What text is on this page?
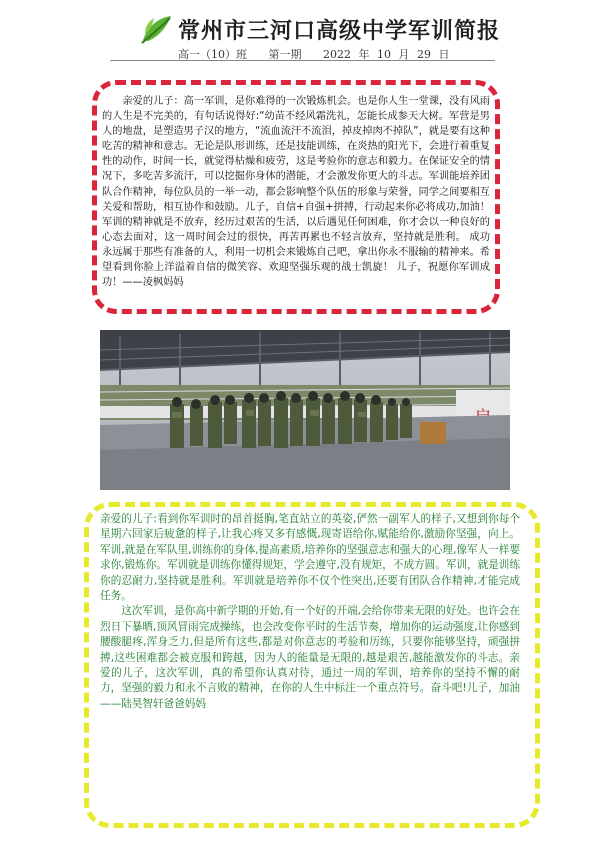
常州市三河口高级中学军训简报
高一（10）班 第一期 2022 年 10 月 29 日
亲爱的儿子：高一军训，是你难得的一次锻炼机会。也是你人生一堂课，没有风雨的人生是不完美的，有句话说得好:“幼苗不经风霜洗礼，怎能长成参天大树。军营是男人的地盘，是塑造男子汉的地方，“流血流汗不流泪，掉皮掉肉不掉队”，就是要有这种吃苦的精神和意志。无论是队形训练，还是技能训练，在炎热的阳光下，会进行着重复性的动作，时间一长，就觉得枯燥和疲劳，这是考验你的意志和毅力。在保证安全的情况下，多吃苦多流汗，可以挖掘你身体的潜能，才会激发你更大的斗志。军训能培养团队合作精神，每位队员的一举一动，都会影响整个队伍的形象与荣誉，同学之间要相互关爱和帮助，相互协作和鼓励。儿子，自信+自强+拼搏，行动起来你必将成功,加油！ 军训的精神就是不放弃，经历过艰苦的生活，以后遇见任何困难，你才会以一种良好的心态去面对，这一周时间会过的很快，再苦再累也不轻言放弃，坚持就是胜利。 成功永远属于那些有准备的人，利用一切机会来锻炼自己吧，拿出你永不服输的精神来。希望看到你脸上洋溢着自信的微笑容、欢迎坚强乐观的战士凯旋！ 儿子，祝愿你军训成功！——凌枫妈妈

亲爱的儿子:看到你军训时的昂首挺胸,笔直站立的英姿,俨然一副军人的样子,又想到你每个星期六回家后疲惫的样子,让我心疼又多有感慨,现寄语给你,赋能给你,激励你坚强，向上。军训,就是在军队里,训练你的身体,提高素质,培养你的坚强意志和强大的心理,像军人一样要求你,锻炼你。军训就是训练你懂得规矩，学会遵守,没有规矩，不成方圆。军训，就是训练你的忍耐力,坚持就是胜利。军训就是培养你不仅个性突出,还要有团队合作精神,才能完成任务。

这次军训，是你高中新学期的开始,有一个好的开端,会给你带来无限的好处。也许会在烈日下暴晒,顶风冒雨完成操练，也会改变你平时的生活节奏，增加你的运动强度,让你感到腰酸腿疼,浑身乏力,但是所有这些,都是对你意志的考验和历练，只要你能够坚持，顽强拼搏,这些困难都会被克服和跨越，因为人的能量是无限的,越是艰苦,越能激发你的斗志。亲爱的儿子，这次军训，真的希望你认真对待，通过一周的军训，培养你的坚持不懈的耐力，坚强的毅力和永不言败的精神，在你的人生中标注一个重点符号。奋斗吧!儿子，加油——陆昊智轩爸爸妈妈
